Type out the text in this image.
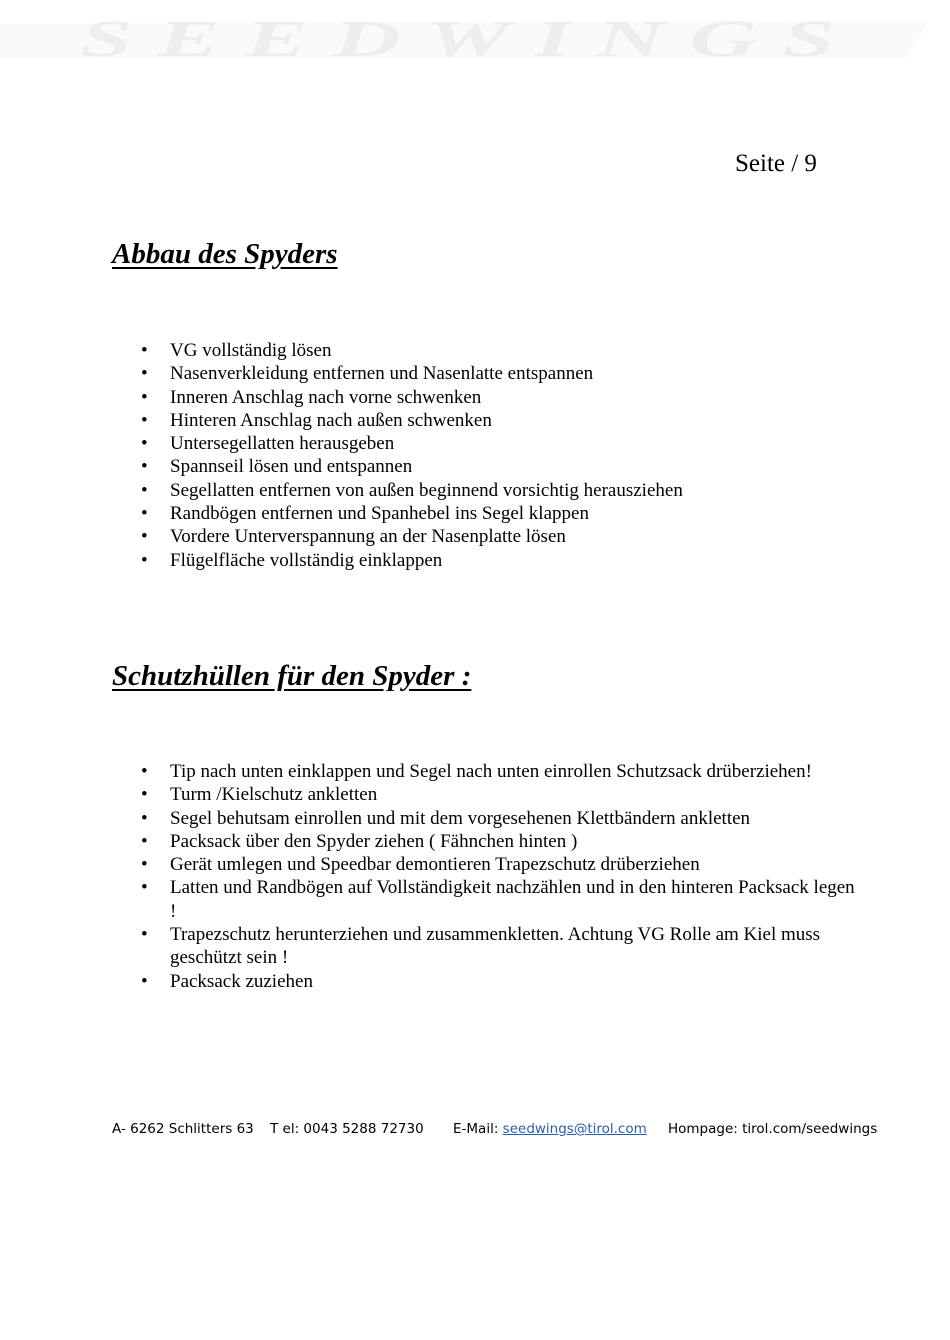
SEEDWINGS
Seite / 9
Abbau des Spyders
• VG vollständig lösen
• Nasenverkleidung entfernen und Nasenlatte entspannen
• Inneren Anschlag nach vorne schwenken
• Hinteren Anschlag nach außen schwenken
• Untersegellatten herausgeben
• Spannseil lösen und entspannen
• Segellatten entfernen von außen beginnend vorsichtig herausziehen
• Randbögen entfernen und Spanhebel ins Segel klappen
• Vordere Unterverspannung an der Nasenplatte lösen
• Flügelfläche vollständig einklappen
Schutzhüllen für den Spyder :
• Tip nach unten einklappen und Segel nach unten einrollen Schutzsack drüberziehen!
• Turm /Kielschutz ankletten
• Segel behutsam einrollen und mit dem vorgesehenen Klettbändern ankletten
• Packsack über den Spyder ziehen ( Fähnchen hinten )
• Gerät umlegen und Speedbar demontieren Trapezschutz drüberziehen
• Latten und Randbögen auf Vollständigkeit nachzählen und in den hinteren Packsack legen !
• Trapezschutz herunterziehen und zusammenkletten. Achtung VG Rolle am Kiel muss geschützt sein !
• Packsack zuziehen
A- 6262 Schlitters 63 T el: 0043 5288 72730 E-Mail: seedwings@tirol.com Hompage: tirol.com/seedwings
